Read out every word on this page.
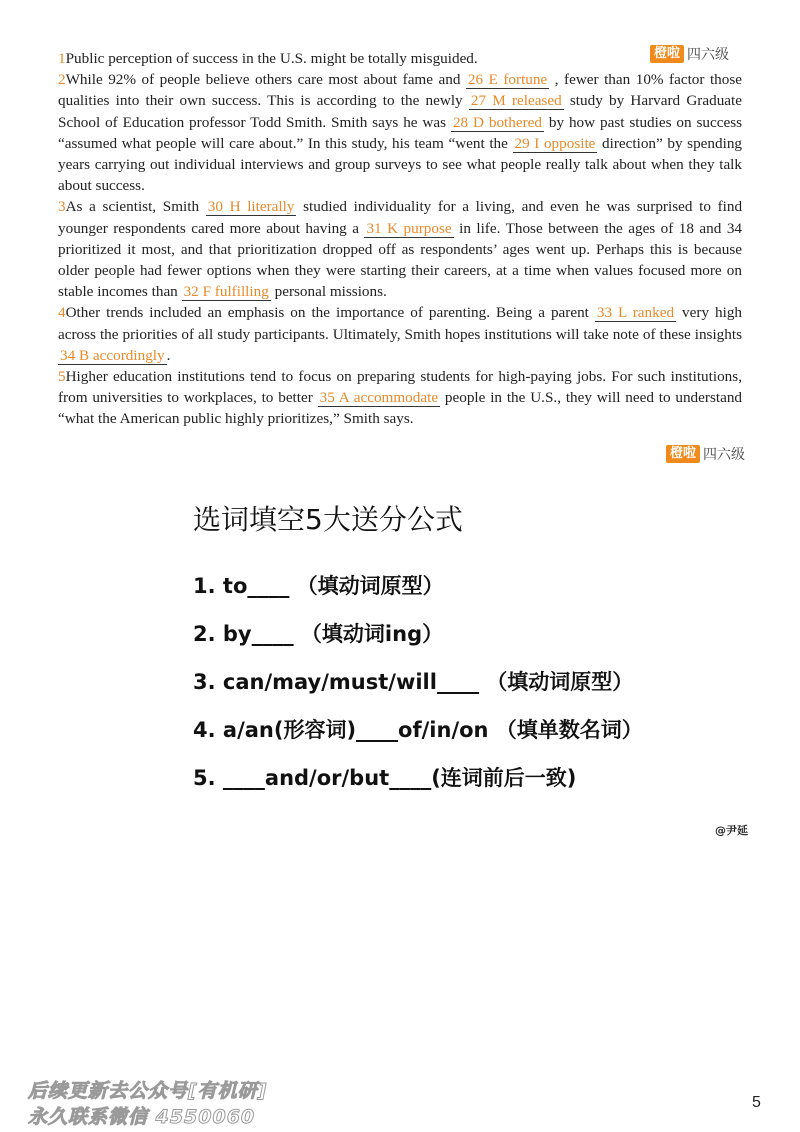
橙啦 四六级

1Public perception of success in the U.S. might be totally misguided.

2While 92% of people believe others care most about fame and 26 E fortune , fewer than 10% factor those qualities into their own success. This is according to the newly 27 M released study by Harvard Graduate School of Education professor Todd Smith. Smith says he was 28 D bothered by how past studies on success “assumed what people will care about.” In this study, his team “went the 29 I opposite direction” by spending years carrying out individual interviews and group surveys to see what people really talk about when they talk about success.

3As a scientist, Smith 30 H literally studied individuality for a living, and even he was surprised to find younger respondents cared more about having a 31 K purpose in life. Those between the ages of 18 and 34 prioritized it most, and that prioritization dropped off as respondents’ ages went up. Perhaps this is because older people had fewer options when they were starting their careers, at a time when values focused more on stable incomes than 32 F fulfilling personal missions.

4Other trends included an emphasis on the importance of parenting. Being a parent 33 L ranked very high across the priorities of all study participants. Ultimately, Smith hopes institutions will take note of these insights 34 B accordingly .

5Higher education institutions tend to focus on preparing students for high-paying jobs. For such institutions, from universities to workplaces, to better 35 A accommodate people in the U.S., they will need to understand “what the American public highly prioritizes,” Smith says.

橙啦 四六级
选词填空5大送分公式
1. to____ （填动词原型）
2. by____ （填动词ing）
3. can/may/must/will____ （填动词原型）
4. a/an(形容词)____of/in/on （填单数名词）
5. ____and/or/but____(连词前后一致)
@尹延
后续更新去公众号[有机研]
永久联系微信 4550060
5
